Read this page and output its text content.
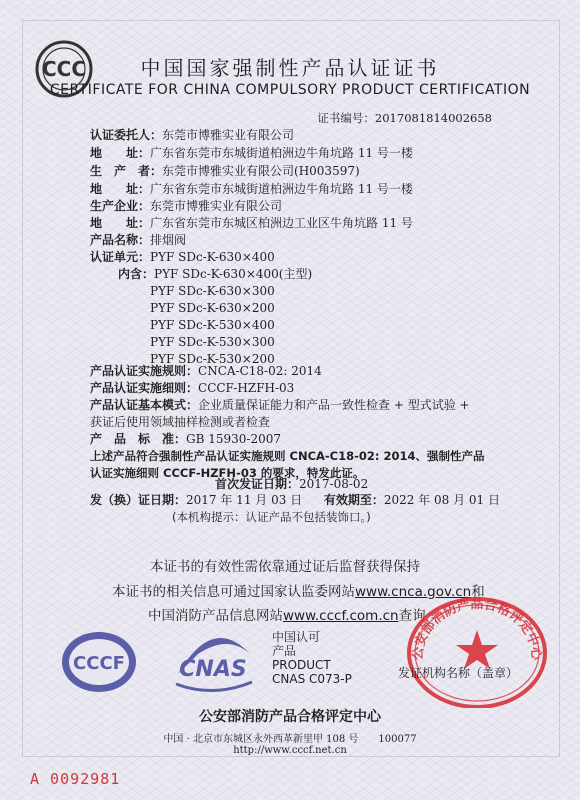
CCC	中国国家强制性产品认证证书
CERTIFICATE FOR CHINA COMPULSORY PRODUCT CERTIFICATION
证书编号：2017081814002658
认证委托人：东莞市博雅实业有限公司
地　　址：广东省东莞市东城街道柏洲边牛角坑路 11 号一楼
生　产　者：东莞市博雅实业有限公司(H003597)
地　　址：广东省东莞市东城街道柏洲边牛角坑路 11 号一楼
生产企业：东莞市博雅实业有限公司
地　　址：广东省东莞市东城区柏洲边工业区牛角坑路 11 号
产品名称：排烟阀
认证单元：PYF SDc-K-630×400
内含：PYF SDc-K-630×400(主型)
PYF SDc-K-630×300
PYF SDc-K-630×200
PYF SDc-K-530×400
PYF SDc-K-530×300
PYF SDc-K-530×200
产品认证实施规则：CNCA-C18-02: 2014
产品认证实施细则：CCCF-HZFH-03
产品认证基本模式：企业质量保证能力和产品一致性检查 + 型式试验 +
获证后使用领域抽样检测或者检查
产　品　标　准：GB 15930-2007
上述产品符合强制性产品认证实施规则 CNCA-C18-02: 2014、强制性产品
认证实施细则 CCCF-HZFH-03 的要求，特发此证。
首次发证日期：2017-08-02
发（换）证日期：2017 年 11 月 03 日 有效期至：2022 年 08 月 01 日
(本机构提示：认证产品不包括装饰口。)
本证书的有效性需依靠通过证后监督获得保持
本证书的相关信息可通过国家认监委网站www.cnca.gov.cn和
中国消防产品信息网站www.cccf.com.cn查询
CCCF CNAS
中国认可
产品
PRODUCT
CNAS C073-P
公安部消防产品合格评定中心
发证机构名称（盖章）
公安部消防产品合格评定中心
中国 · 北京市东城区永外西革新里甲 108 号　　100077
http://www.cccf.net.cn
A 0092981
